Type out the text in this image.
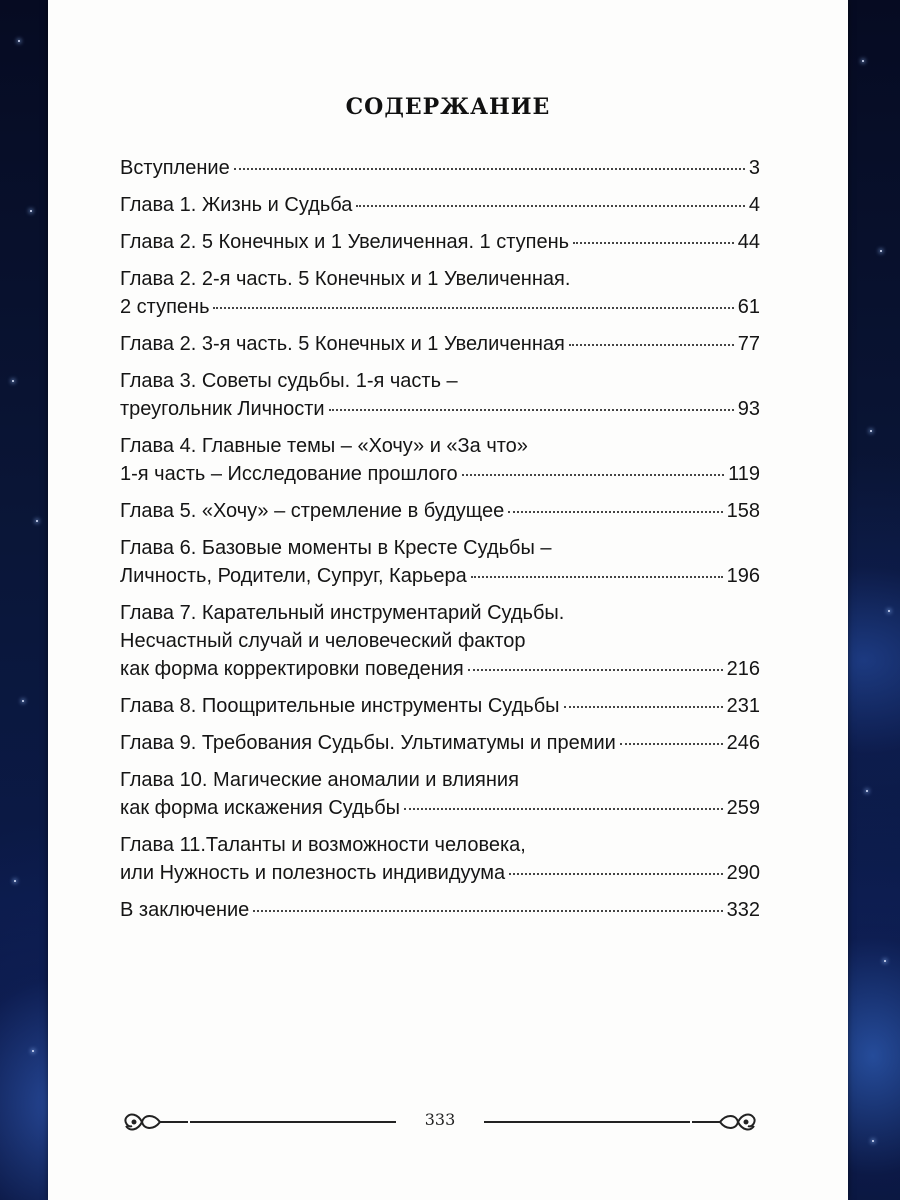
СОДЕРЖАНИЕ
Вступление	3
Глава 1. Жизнь и Судьба	4
Глава 2. 5 Конечных и 1 Увеличенная. 1 ступень	44
Глава 2. 2-я часть. 5 Конечных и 1 Увеличенная.
2 ступень	61
Глава 2. 3-я часть. 5 Конечных и 1 Увеличенная	77
Глава 3. Советы судьбы. 1-я часть –
треугольник Личности	93
Глава 4. Главные темы – «Хочу» и «За что»
1-я часть – Исследование прошлого	119
Глава 5. «Хочу» – стремление в будущее	158
Глава 6. Базовые моменты в Кресте Судьбы –
Личность, Родители, Супруг, Карьера	196
Глава 7. Карательный инструментарий Судьбы.
Несчастный случай и человеческий фактор
как форма корректировки поведения	216
Глава 8. Поощрительные инструменты Судьбы	231
Глава 9. Требования Судьбы. Ультиматумы и премии	246
Глава 10. Магические аномалии и влияния
как форма искажения Судьбы	259
Глава 11.Таланты и возможности человека,
или Нужность и полезность индивидуума	290
В заключение	332
333
